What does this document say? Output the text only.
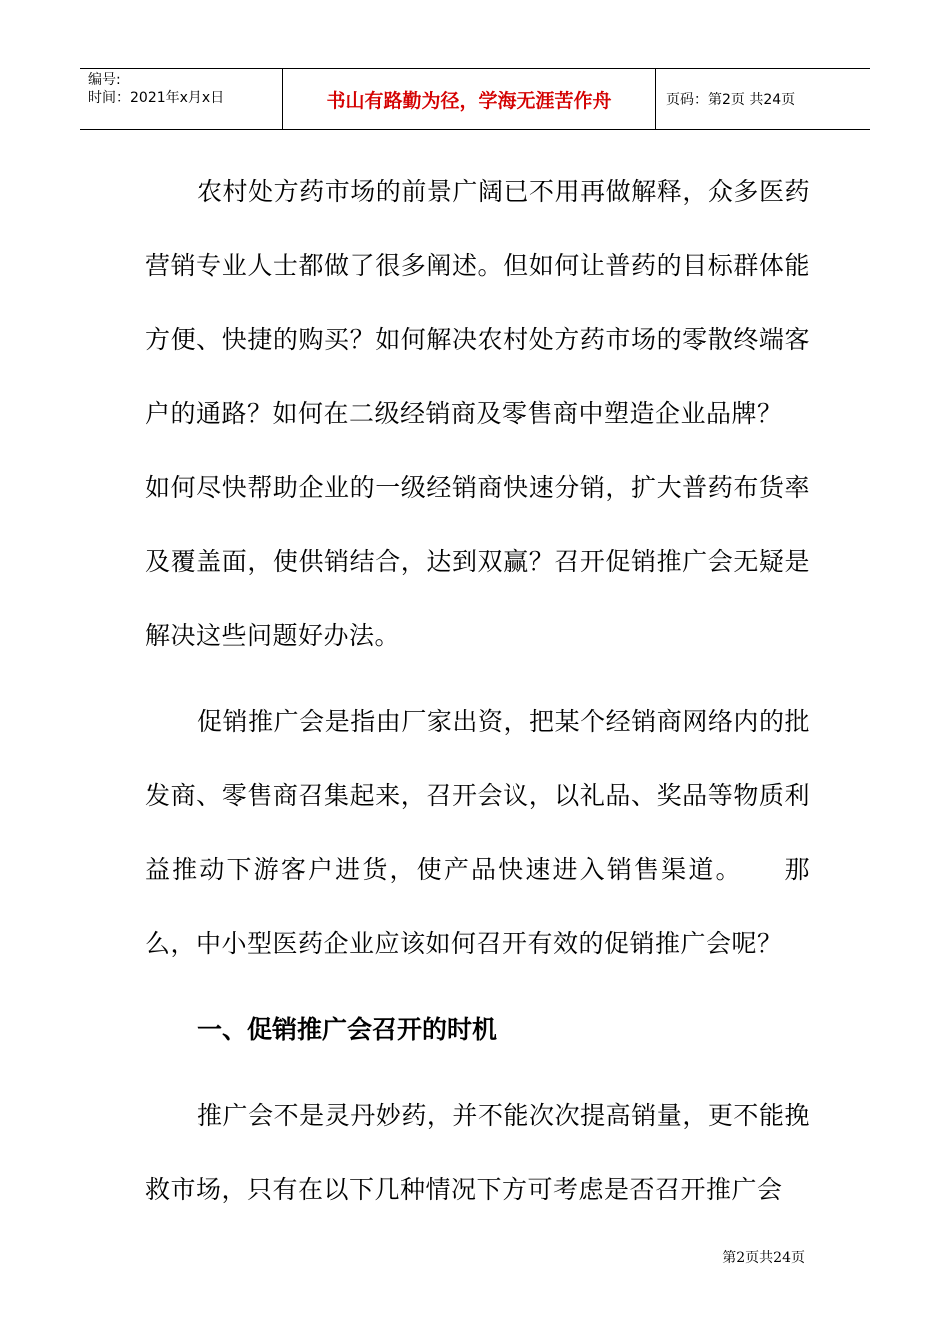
编号:
时间：2021年x月x日	书山有路勤为径，学海无涯苦作舟	页码：第2页 共24页

农村处方药市场的前景广阔已不用再做解释，众多医药营销专业人士都做了很多阐述。但如何让普药的目标群体能方便、快捷的购买？如何解决农村处方药市场的零散终端客户的通路？如何在二级经销商及零售商中塑造企业品牌？

如何尽快帮助企业的一级经销商快速分销，扩大普药布货率及覆盖面，使供销结合，达到双赢？召开促销推广会无疑是解决这些问题好办法。

促销推广会是指由厂家出资，把某个经销商网络内的批发商、零售商召集起来，召开会议，以礼品、奖品等物质利益推动下游客户进货，使产品快速进入销售渠道。　　那么，中小型医药企业应该如何召开有效的促销推广会呢？

一、促销推广会召开的时机

推广会不是灵丹妙药，并不能次次提高销量，更不能挽救市场，只有在以下几种情况下方可考虑是否召开推广会

第2页共24页
